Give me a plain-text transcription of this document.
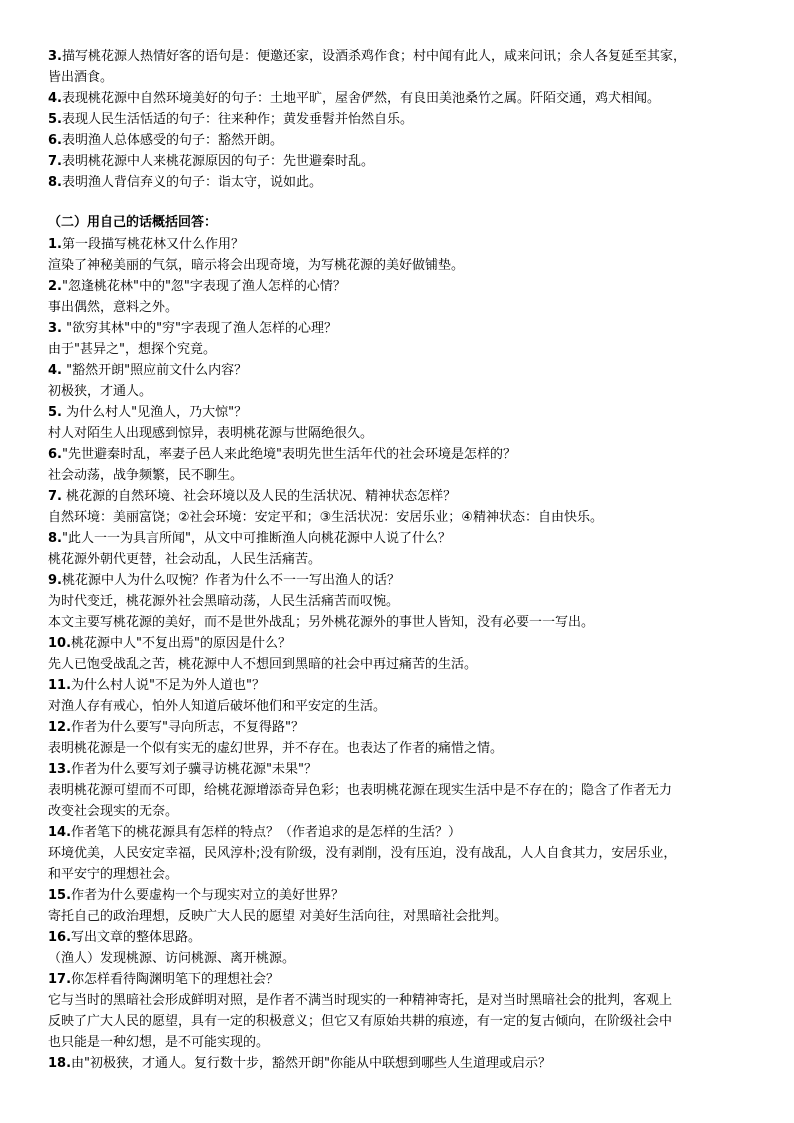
3.描写桃花源人热情好客的语句是：便邀还家，设酒杀鸡作食；村中闻有此人，咸来问讯；余人各复延至其家，
皆出酒食。
4.表现桃花源中自然环境美好的句子：土地平旷，屋舍俨然，有良田美池桑竹之属。阡陌交通，鸡犬相闻。
5.表现人民生活恬适的句子：往来种作；黄发垂髫并怡然自乐。
6.表明渔人总体感受的句子：豁然开朗。
7.表明桃花源中人来桃花源原因的句子：先世避秦时乱。
8.表明渔人背信弃义的句子：诣太守，说如此。
（二）用自己的话概括回答：
1.第一段描写桃花林又什么作用？
渲染了神秘美丽的气氛，暗示将会出现奇境，为写桃花源的美好做铺垫。
2."忽逢桃花林"中的"忽"字表现了渔人怎样的心情？
事出偶然，意料之外。
3. "欲穷其林"中的"穷"字表现了渔人怎样的心理？
由于"甚异之"，想探个究竟。
4. "豁然开朗"照应前文什么内容？
初极狭，才通人。
5. 为什么村人"见渔人，乃大惊"？
村人对陌生人出现感到惊异，表明桃花源与世隔绝很久。
6."先世避秦时乱，率妻子邑人来此绝境"表明先世生活年代的社会环境是怎样的？
社会动荡，战争频繁，民不聊生。
7. 桃花源的自然环境、社会环境以及人民的生活状况、精神状态怎样？
自然环境：美丽富饶；②社会环境：安定平和；③生活状况：安居乐业；④精神状态：自由快乐。
8."此人一一为具言所闻"，从文中可推断渔人向桃花源中人说了什么？
桃花源外朝代更替，社会动乱，人民生活痛苦。
9.桃花源中人为什么叹惋？作者为什么不一一写出渔人的话？
为时代变迁，桃花源外社会黑暗动荡，人民生活痛苦而叹惋。
本文主要写桃花源的美好，而不是世外战乱；另外桃花源外的事世人皆知，没有必要一一写出。
10.桃花源中人"不复出焉"的原因是什么？
先人已饱受战乱之苦，桃花源中人不想回到黑暗的社会中再过痛苦的生活。
11.为什么村人说"不足为外人道也"？
对渔人存有戒心，怕外人知道后破坏他们和平安定的生活。
12.作者为什么要写"寻向所志，不复得路"？
表明桃花源是一个似有实无的虚幻世界，并不存在。也表达了作者的痛惜之情。
13.作者为什么要写刘子骥寻访桃花源"未果"？
表明桃花源可望而不可即，给桃花源增添奇异色彩；也表明桃花源在现实生活中是不存在的；隐含了作者无力
改变社会现实的无奈。
14.作者笔下的桃花源具有怎样的特点？（作者追求的是怎样的生活？）
环境优美，人民安定幸福，民风淳朴;没有阶级，没有剥削，没有压迫，没有战乱，人人自食其力，安居乐业，
和平安宁的理想社会。
15.作者为什么要虚构一个与现实对立的美好世界？
寄托自己的政治理想，反映广大人民的愿望 对美好生活向往，对黑暗社会批判。
16.写出文章的整体思路。
（渔人）发现桃源、访问桃源、离开桃源。
17.你怎样看待陶渊明笔下的理想社会？
它与当时的黑暗社会形成鲜明对照，是作者不满当时现实的一种精神寄托，是对当时黑暗社会的批判，客观上
反映了广大人民的愿望，具有一定的积极意义；但它又有原始共耕的痕迹，有一定的复古倾向，在阶级社会中
也只能是一种幻想，是不可能实现的。
18.由"初极狭，才通人。复行数十步，豁然开朗"你能从中联想到哪些人生道理或启示？
